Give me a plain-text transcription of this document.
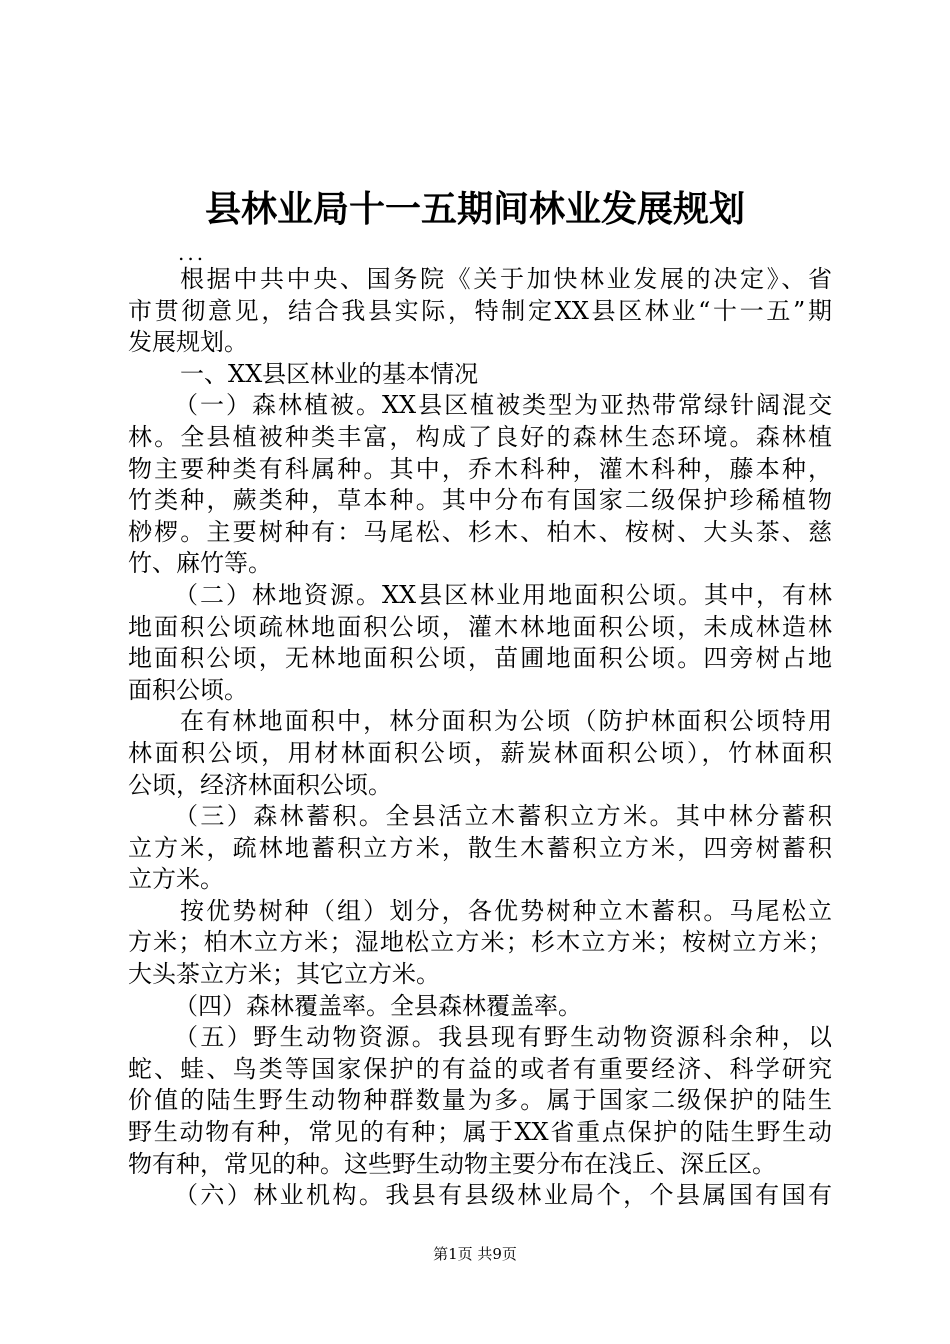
县林业局十一五期间林业发展规划
...
根据中共中央、国务院《关于加快林业发展的决定》、省
市贯彻意见，结合我县实际，特制定XX县区林业“十一五”期
发展规划。
一、XX县区林业的基本情况
（一）森林植被。XX县区植被类型为亚热带常绿针阔混交
林。全县植被种类丰富，构成了良好的森林生态环境。森林植
物主要种类有科属种。其中，乔木科种，灌木科种，藤本种，
竹类种，蕨类种，草本种。其中分布有国家二级保护珍稀植物
桫椤。主要树种有：马尾松、杉木、柏木、桉树、大头茶、慈
竹、麻竹等。
（二）林地资源。XX县区林业用地面积公顷。其中，有林
地面积公顷疏林地面积公顷，灌木林地面积公顷，未成林造林
地面积公顷，无林地面积公顷，苗圃地面积公顷。四旁树占地
面积公顷。
在有林地面积中，林分面积为公顷（防护林面积公顷特用
林面积公顷，用材林面积公顷，薪炭林面积公顷），竹林面积
公顷，经济林面积公顷。
（三）森林蓄积。全县活立木蓄积立方米。其中林分蓄积
立方米，疏林地蓄积立方米，散生木蓄积立方米，四旁树蓄积
立方米。
按优势树种（组）划分，各优势树种立木蓄积。马尾松立
方米；柏木立方米；湿地松立方米；杉木立方米；桉树立方米；
大头茶立方米；其它立方米。
（四）森林覆盖率。全县森林覆盖率。
（五）野生动物资源。我县现有野生动物资源科余种，以
蛇、蛙、鸟类等国家保护的有益的或者有重要经济、科学研究
价值的陆生野生动物种群数量为多。属于国家二级保护的陆生
野生动物有种，常见的有种；属于XX省重点保护的陆生野生动
物有种，常见的种。这些野生动物主要分布在浅丘、深丘区。
（六）林业机构。我县有县级林业局个，个县属国有国有
第1页 共9页
